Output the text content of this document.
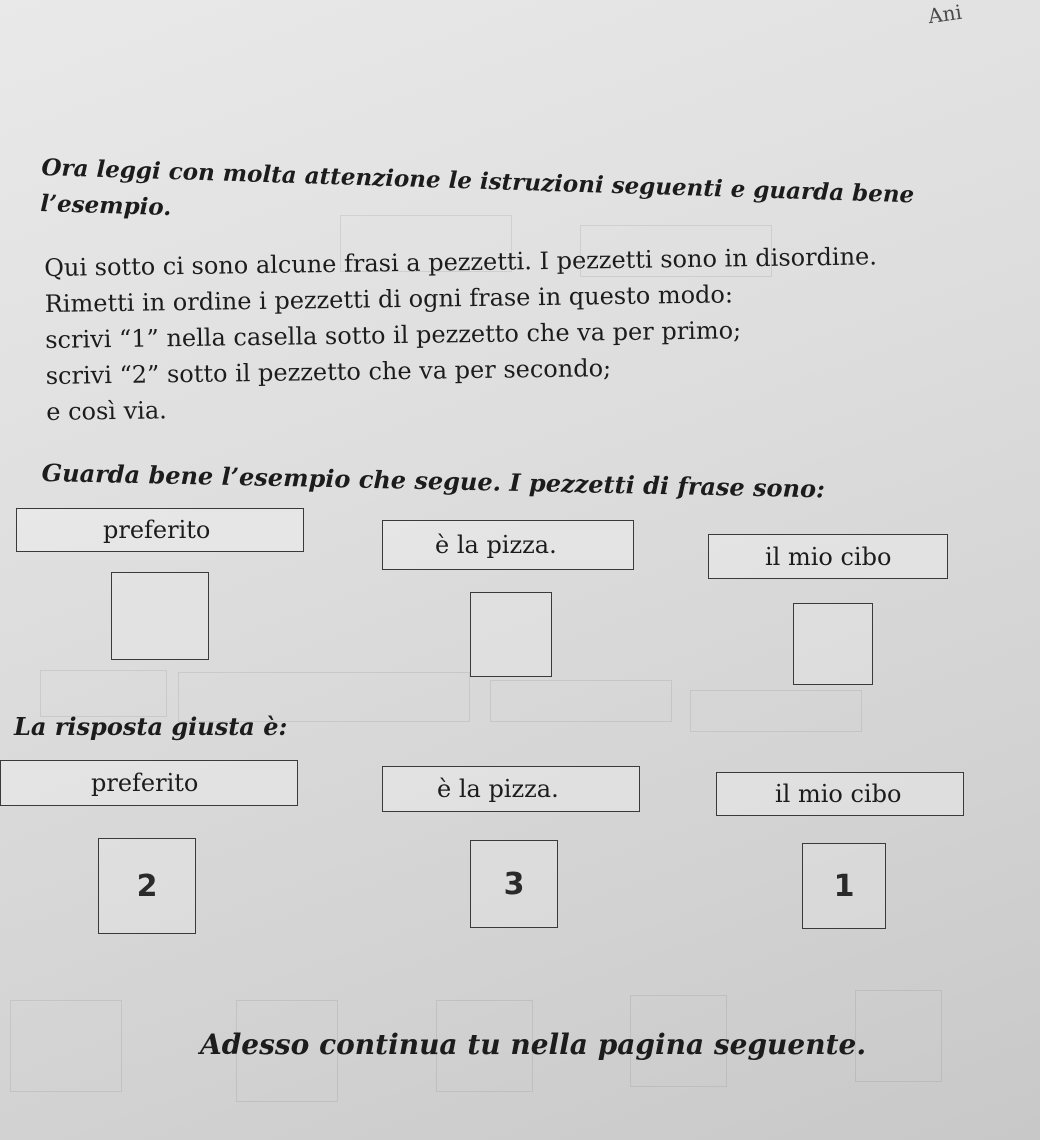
Ani
Ora leggi con molta attenzione le istruzioni seguenti e guarda bene l’esempio.
Qui sotto ci sono alcune frasi a pezzetti. I pezzetti sono in disordine.
Rimetti in ordine i pezzetti di ogni frase in questo modo:
scrivi “1” nella casella sotto il pezzetto che va per primo;
scrivi “2” sotto il pezzetto che va per secondo;
e così via.
Guarda bene l’esempio che segue. I pezzetti di frase sono:
preferito
è la pizza.	il mio cibo
La risposta giusta è:
preferito	è la pizza.	il mio cibo
2	3	1
Adesso continua tu nella pagina seguente.
